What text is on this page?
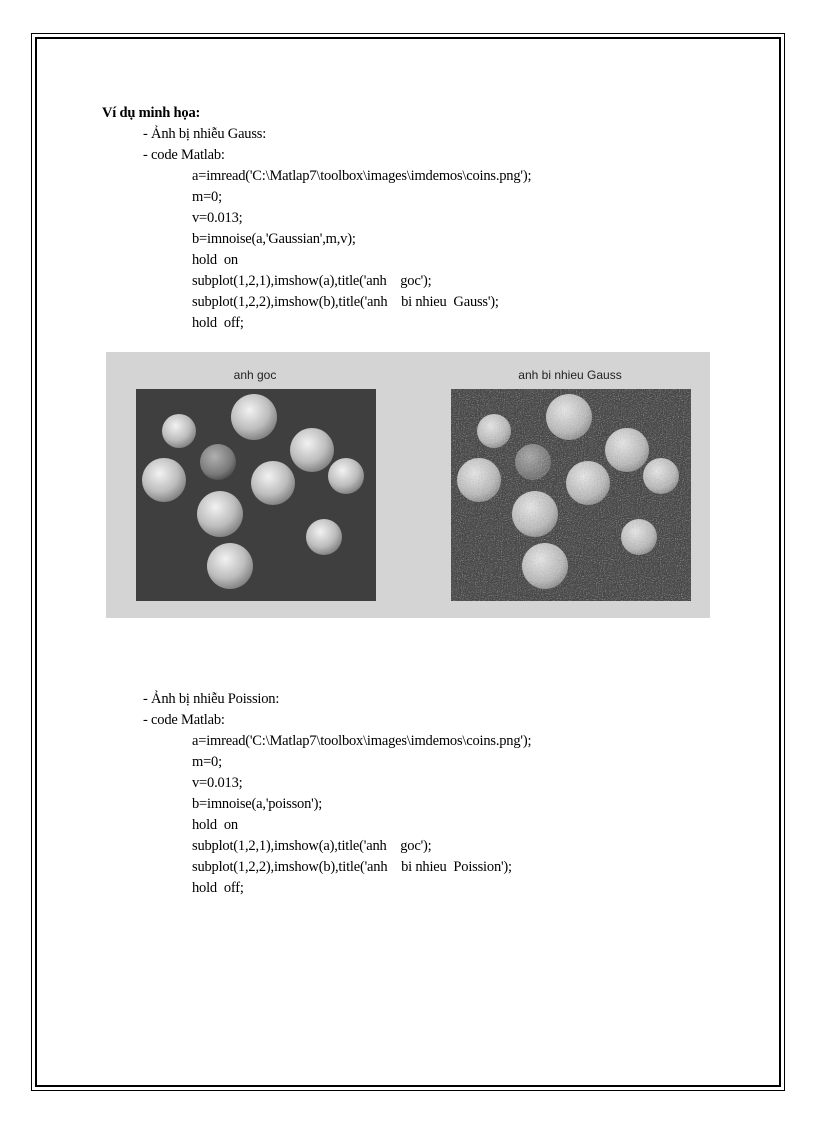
Ví dụ minh họa:
- Ảnh bị nhiễu Gauss:
- code Matlab:
a=imread('C:\Matlap7\toolbox\images\imdemos\coins.png');
m=0;
v=0.013;
b=imnoise(a,'Gaussian',m,v);
hold  on
subplot(1,2,1),imshow(a),title('anh    goc');
subplot(1,2,2),imshow(b),title('anh    bi nhieu  Gauss');
hold  off;
anh goc	anh bi nhieu Gauss
- Ảnh bị nhiễu Poission:
- code Matlab:
a=imread('C:\Matlap7\toolbox\images\imdemos\coins.png');
m=0;
v=0.013;
b=imnoise(a,'poisson');
hold  on
subplot(1,2,1),imshow(a),title('anh    goc');
subplot(1,2,2),imshow(b),title('anh    bi nhieu  Poission');
hold  off;
